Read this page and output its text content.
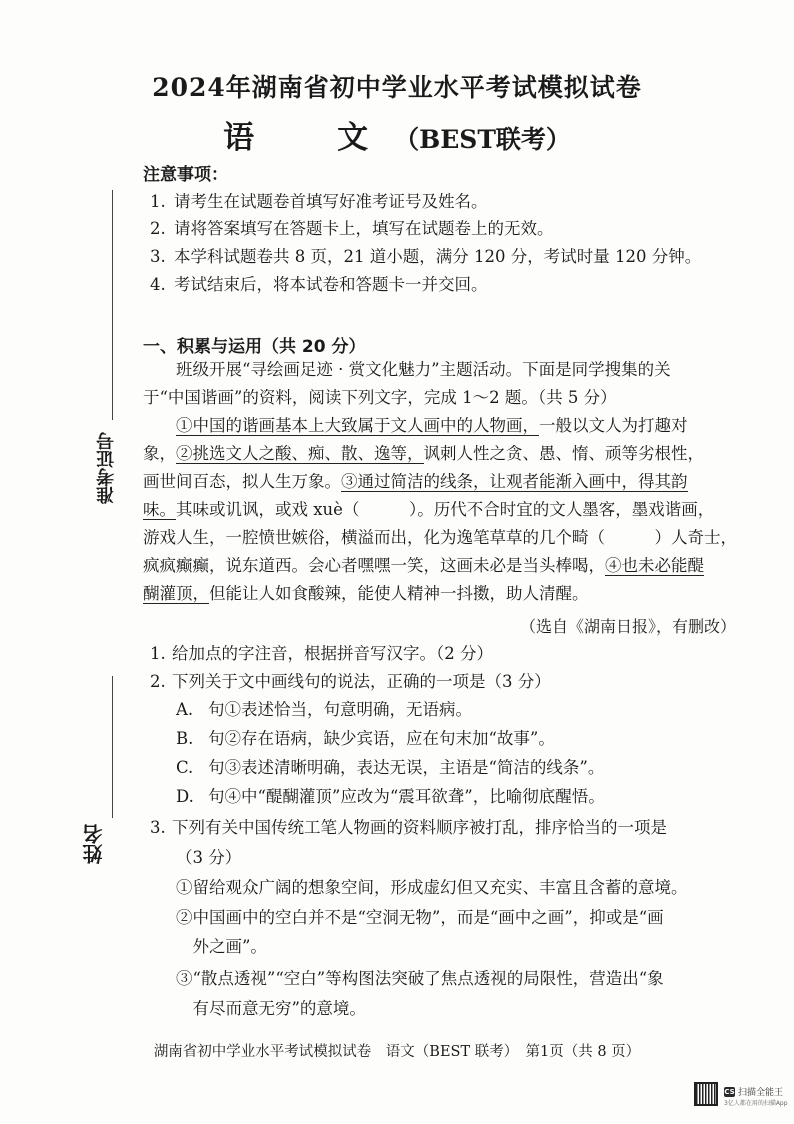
2024年湖南省初中学业水平考试模拟试卷
语　文（BEST联考）
准考证号
姓名
注意事项：
1. 请考生在试题卷首填写好准考证号及姓名。
2. 请将答案填写在答题卡上，填写在试题卷上的无效。
3. 本学科试题卷共 8 页，21 道小题，满分 120 分，考试时量 120 分钟。
4. 考试结束后，将本试卷和答题卡一并交回。
一、积累与运用（共 20 分）
　　班级开展“寻绘画足迹 · 赏文化魅力”主题活动。下面是同学搜集的关
于“中国谐画”的资料，阅读下列文字，完成 1～2 题。（共 5 分）
①中国的谐画基本上大致属于文人画中的人物画，一般以文人为打趣对
象，②挑选文人之酸、痴、散、逸等，讽刺人性之贪、愚、惰、顽等劣根性，
画世间百态，拟人生万象。③通过简洁的线条，让观者能渐入画中，得其韵
味。其味或讥讽，或戏 xuè（　　　）。历代不合时宜的文人墨客，墨戏谐画，
游戏人生，一腔愤世嫉俗，横溢而出，化为逸笔草草的几个畸（　　　）人奇士，
疯疯癫癫，说东道西。会心者嘿嘿一笑，这画未必是当头棒喝，④也未必能醍
醐灌顶，但能让人如食酸辣，能使人精神一抖擞，助人清醒。
（选自《湖南日报》，有删改）
1. 给加点的字注音，根据拼音写汉字。（2 分）
2. 下列关于文中画线句的说法，正确的一项是（3 分）
A. 句①表述恰当，句意明确，无语病。
B. 句②存在语病，缺少宾语，应在句末加“故事”。
C. 句③表述清晰明确，表达无误，主语是“简洁的线条”。
D. 句④中“醍醐灌顶”应改为“震耳欲聋”，比喻彻底醒悟。
3. 下列有关中国传统工笔人物画的资料顺序被打乱，排序恰当的一项是
（3 分）
①留给观众广阔的想象空间，形成虚幻但又充实、丰富且含蓄的意境。
②中国画中的空白并不是“空洞无物”，而是“画中之画”，抑或是“画
　外之画”。
③“散点透视”“空白”等构图法突破了焦点透视的局限性，营造出“象
　有尽而意无穷”的意境。
湖南省初中学业水平考试模拟试卷　语文（BEST 联考）　第1页（共 8 页）
CS 扫描全能王
3亿人都在用的扫描App
